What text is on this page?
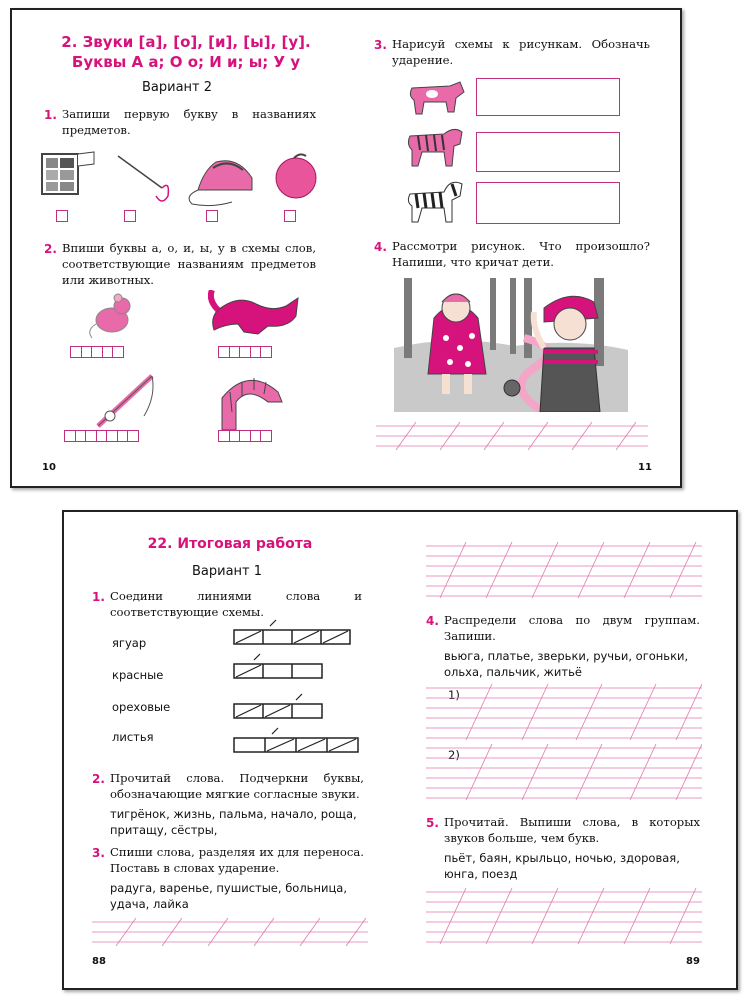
2. Звуки [а], [о], [и], [ы], [у].
Буквы А а; О о; И и; ы; У у
Вариант 2
1. Запиши первую букву в названиях предметов.
2. Впиши буквы а, о, и, ы, у в схемы слов, соответствующие названиям предметов или животных.
10
3. Нарисуй схемы к рисункам. Обозначь ударение.
4. Рассмотри рисунок. Что произошло? Напиши, что кричат дети.
11
22. Итоговая работа
Вариант 1
1. Соедини линиями слова и соответствующие схемы.
ягуар
красные
ореховые
листья
2. Прочитай слова. Подчеркни буквы, обозначающие мягкие согласные звуки.
тигрёнок, жизнь, пальма, начало, роща, притащу, сёстры,
3. Спиши слова, разделяя их для переноса. Поставь в словах ударение.
радуга, варенье, пушистые, больница, удача, лайка
88
4. Распредели слова по двум группам. Запиши.
вьюга, платье, зверьки, ручьи, огоньки, ольха, пальчик, житьё
1)
2)
5. Прочитай. Выпиши слова, в которых звуков больше, чем букв.
пьёт, баян, крыльцо, ночью, здоровая, юнга, поезд
89
